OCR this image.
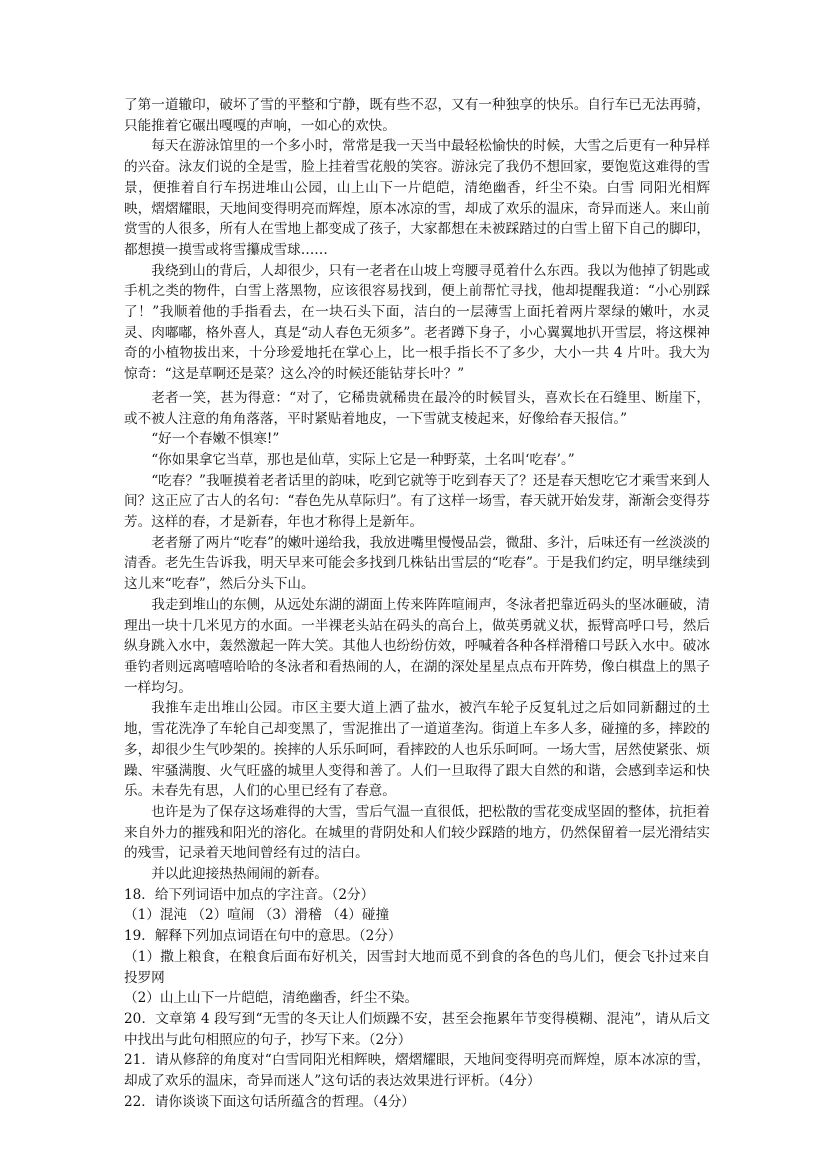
了第一道辙印，破坏了雪的平整和宁静，既有些不忍，又有一种独享的快乐。自行车已无法再骑，只能推着它碾出嘎嘎的声响，一如心的欢快。

每天在游泳馆里的一个多小时，常常是我一天当中最轻松愉快的时候，大雪之后更有一种异样的兴奋。泳友们说的全是雪，脸上挂着雪花般的笑容。游泳完了我仍不想回家，要饱览这难得的雪景，便推着自行车拐进堆山公园，山上山下一片皑皑，清绝幽香，纤尘不染。白雪 同阳光相辉映，熠熠耀眼，天地间变得明亮而辉煌，原本冰凉的雪，却成了欢乐的温床，奇异而迷人。来山前赏雪的人很多，所有人在雪地上都变成了孩子，大家都想在未被踩踏过的白雪上留下自己的脚印，都想摸一摸雪或将雪攥成雪球……

我绕到山的背后，人却很少，只有一老者在山坡上弯腰寻觅着什么东西。我以为他掉了钥匙或手机之类的物件，白雪上落黑物，应该很容易找到，便上前帮忙寻找，他却提醒我道：“小心别踩了！”我顺着他的手指看去，在一块石头下面，洁白的一层薄雪上面托着两片翠绿的嫩叶，水灵灵、肉嘟嘟，格外喜人，真是“动人春色无须多”。老者蹲下身子，小心翼翼地扒开雪层，将这棵神奇的小植物拔出来，十分珍爱地托在掌心上，比一根手指长不了多少，大小一共 4 片叶。我大为惊奇：“这是草啊还是菜？这么冷的时候还能钻芽长叶？”

老者一笑，甚为得意：“对了，它稀贵就稀贵在最冷的时候冒头，喜欢长在石缝里、断崖下，或不被人注意的角角落落，平时紧贴着地皮，一下雪就支棱起来，好像给春天报信。”

“好一个春嫩不惧寒!”

“你如果拿它当草，那也是仙草，实际上它是一种野菜，土名叫‘吃春’。”

“吃春？”我咂摸着老者话里的韵味，吃到它就等于吃到春天了？还是春天想吃它才乘雪来到人间？这正应了古人的名句：“春色先从草际归”。有了这样一场雪，春天就开始发芽，渐渐会变得芬芳。这样的春，才是新春，年也才称得上是新年。

老者掰了两片“吃春”的嫩叶递给我，我放进嘴里慢慢品尝，微甜、多汁，后味还有一丝淡淡的清香。老先生告诉我，明天早来可能会多找到几株钻出雪层的“吃春”。于是我们约定，明早继续到这儿来“吃春”，然后分头下山。

我走到堆山的东侧，从远处东湖的湖面上传来阵阵喧闹声，冬泳者把靠近码头的坚冰砸破，清理出一块十几米见方的水面。一半裸老头站在码头的高台上，做英勇就义状，振臂高呼口号，然后纵身跳入水中，轰然激起一阵大笑。其他人也纷纷仿效，呼喊着各种各样滑稽口号跃入水中。破冰垂钓者则远离嘻嘻哈哈的冬泳者和看热闹的人，在湖的深处星星点点布开阵势，像白棋盘上的黑子一样均匀。

我推车走出堆山公园。市区主要大道上洒了盐水，被汽车轮子反复轧过之后如同新翻过的土地，雪花洗净了车轮自己却变黑了，雪泥推出了一道道垄沟。街道上车多人多，碰撞的多，摔跤的多，却很少生气吵架的。挨摔的人乐乐呵呵，看摔跤的人也乐乐呵呵。一场大雪，居然使紧张、烦躁、牢骚满腹、火气旺盛的城里人变得和善了。人们一旦取得了跟大自然的和谐，会感到幸运和快乐。未春先有思，人们的心里已经有了春意。

也许是为了保存这场难得的大雪，雪后气温一直很低，把松散的雪花变成坚固的整体，抗拒着来自外力的摧残和阳光的溶化。在城里的背阴处和人们较少踩踏的地方，仍然保留着一层光滑结实的残雪，记录着天地间曾经有过的洁白。

并以此迎接热热闹闹的新春。

18．给下列词语中加点的字注音。（2分）

（1）混沌 （2）喧闹 （3）滑稽 （4）碰撞

19．解释下列加点词语在句中的意思。（2分）

（1）撒上粮食，在粮食后面布好机关，因雪封大地而觅不到食的各色的鸟儿们，便会飞扑过来自投罗网

（2）山上山下一片皑皑，清绝幽香，纤尘不染。

20．文章第 4 段写到“无雪的冬天让人们烦躁不安，甚至会拖累年节变得模糊、混沌”，请从后文中找出与此句相照应的句子，抄写下来。（2分）

21．请从修辞的角度对“白雪同阳光相辉映，熠熠耀眼，天地间变得明亮而辉煌，原本冰凉的雪，却成了欢乐的温床，奇异而迷人”这句话的表达效果进行评析。（4分）

22．请你谈谈下面这句话所蕴含的哲理。（4分）
